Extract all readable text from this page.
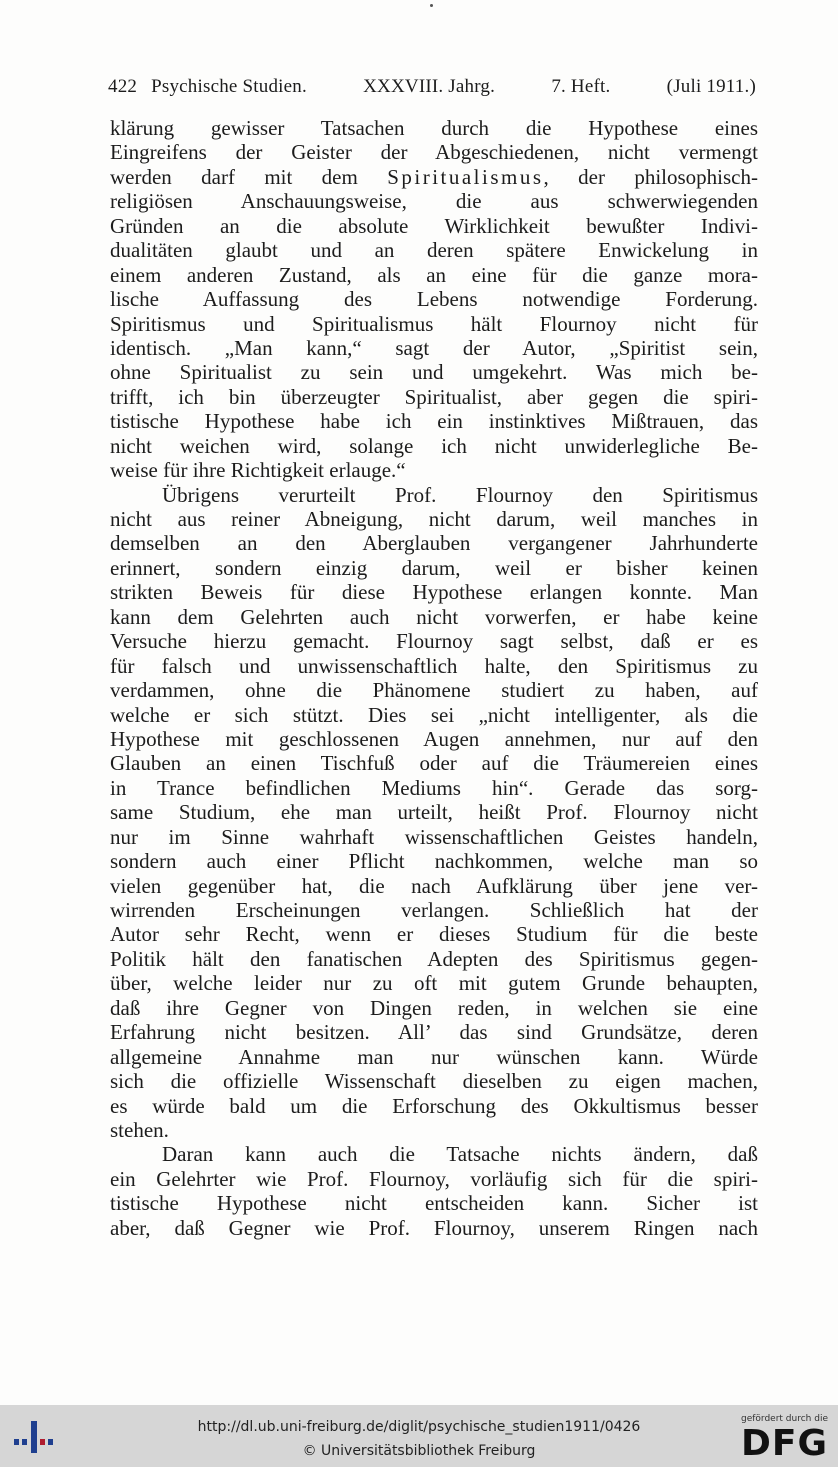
422 Psychische Studien.	XXXVIII. Jahrg.	7. Heft.	(Juli 1911.)
klärung gewisser Tatsachen durch die Hypothese eines
Eingreifens der Geister der Abgeschiedenen, nicht vermengt
werden darf mit dem Spiritualismus, der philosophisch-
religiösen Anschauungsweise, die aus schwerwiegenden
Gründen an die absolute Wirklichkeit bewußter Indivi-
dualitäten glaubt und an deren spätere Enwickelung in
einem anderen Zustand, als an eine für die ganze mora-
lische Auffassung des Lebens notwendige Forderung.
Spiritismus und Spiritualismus hält Flournoy nicht für
identisch. „Man kann,“ sagt der Autor, „Spiritist sein,
ohne Spiritualist zu sein und umgekehrt. Was mich be-
trifft, ich bin überzeugter Spiritualist, aber gegen die spiri-
tistische Hypothese habe ich ein instinktives Mißtrauen, das
nicht weichen wird, solange ich nicht unwiderlegliche Be-
weise für ihre Richtigkeit erlauge.“
Übrigens verurteilt Prof. Flournoy den Spiritismus
nicht aus reiner Abneigung, nicht darum, weil manches in
demselben an den Aberglauben vergangener Jahrhunderte
erinnert, sondern einzig darum, weil er bisher keinen
strikten Beweis für diese Hypothese erlangen konnte. Man
kann dem Gelehrten auch nicht vorwerfen, er habe keine
Versuche hierzu gemacht. Flournoy sagt selbst, daß er es
für falsch und unwissenschaftlich halte, den Spiritismus zu
verdammen, ohne die Phänomene studiert zu haben, auf
welche er sich stützt. Dies sei „nicht intelligenter, als die
Hypothese mit geschlossenen Augen annehmen, nur auf den
Glauben an einen Tischfuß oder auf die Träumereien eines
in Trance befindlichen Mediums hin“. Gerade das sorg-
same Studium, ehe man urteilt, heißt Prof. Flournoy nicht
nur im Sinne wahrhaft wissenschaftlichen Geistes handeln,
sondern auch einer Pflicht nachkommen, welche man so
vielen gegenüber hat, die nach Aufklärung über jene ver-
wirrenden Erscheinungen verlangen. Schließlich hat der
Autor sehr Recht, wenn er dieses Studium für die beste
Politik hält den fanatischen Adepten des Spiritismus gegen-
über, welche leider nur zu oft mit gutem Grunde behaupten,
daß ihre Gegner von Dingen reden, in welchen sie eine
Erfahrung nicht besitzen. All’ das sind Grundsätze, deren
allgemeine Annahme man nur wünschen kann. Würde
sich die offizielle Wissenschaft dieselben zu eigen machen,
es würde bald um die Erforschung des Okkultismus besser
stehen.
Daran kann auch die Tatsache nichts ändern, daß
ein Gelehrter wie Prof. Flournoy, vorläufig sich für die spiri-
tistische Hypothese nicht entscheiden kann. Sicher ist
aber, daß Gegner wie Prof. Flournoy, unserem Ringen nach
http://dl.ub.uni-freiburg.de/diglit/psychische_studien1911/0426
© Universitätsbibliothek Freiburg
gefördert durch die
DFG
